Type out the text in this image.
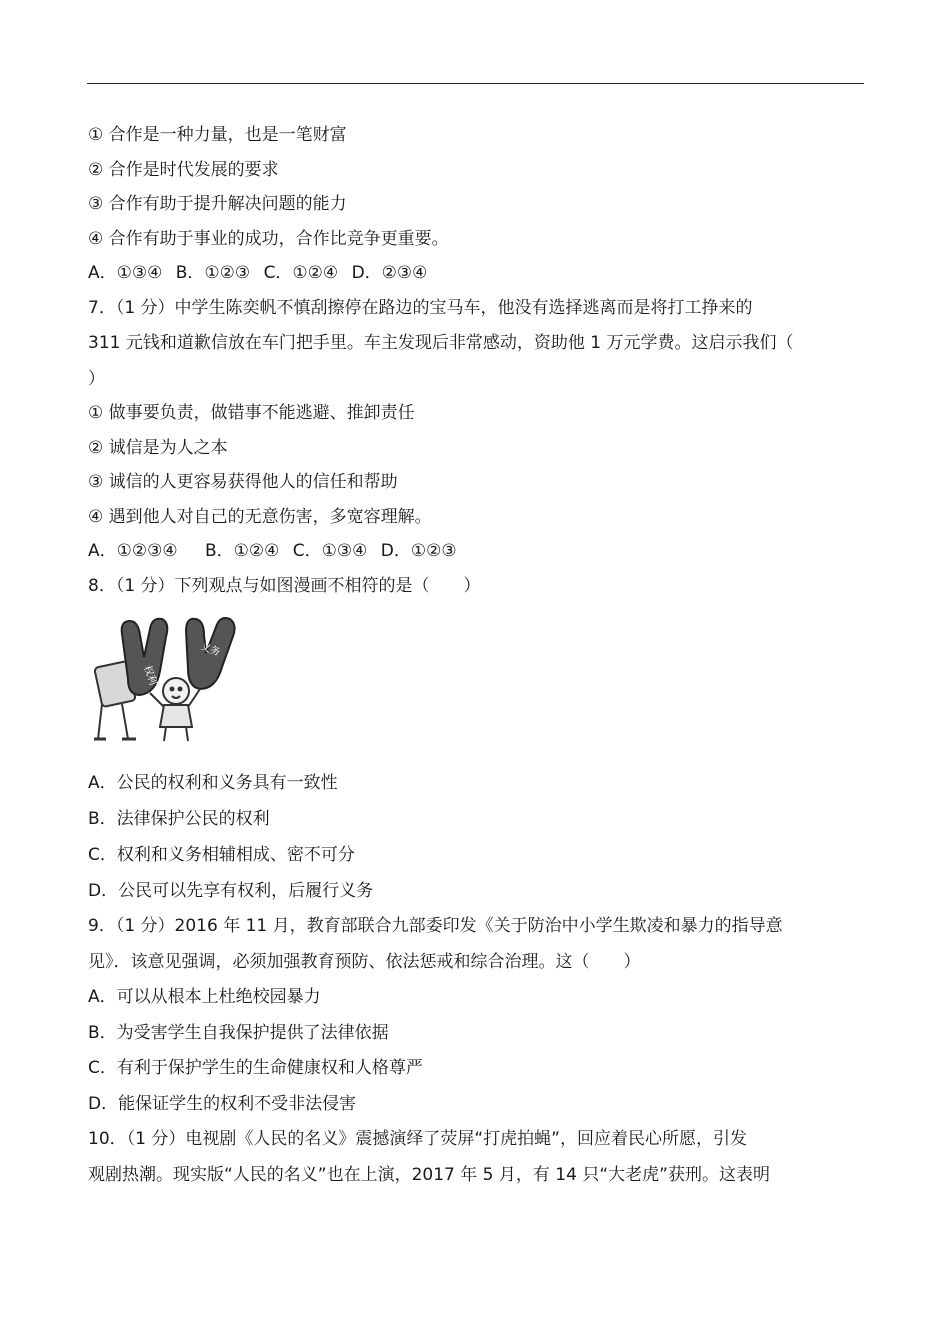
① 合作是一种力量，也是一笔财富
② 合作是时代发展的要求
③ 合作有助于提升解决问题的能力
④ 合作有助于事业的成功，合作比竞争更重要。
A．①③④ B．①②③ C．①②④ D．②③④
7．（1 分）中学生陈奕帆不慎刮擦停在路边的宝马车，他没有选择逃离而是将打工挣来的
311 元钱和道歉信放在车门把手里。车主发现后非常感动，资助他 1 万元学费。这启示我们（
）
① 做事要负责，做错事不能逃避、推卸责任
② 诚信是为人之本
③ 诚信的人更容易获得他人的信任和帮助
④ 遇到他人对自己的无意伤害，多宽容理解。
A．①②③④ B．①②④ C．①③④ D．①②③
8．（1 分）下列观点与如图漫画不相符的是（　　）
权利
义务
A．公民的权利和义务具有一致性
B．法律保护公民的权利
C．权利和义务相辅相成、密不可分
D．公民可以先享有权利，后履行义务
9．（1 分）2016 年 11 月，教育部联合九部委印发《关于防治中小学生欺凌和暴力的指导意
见》．该意见强调，必须加强教育预防、依法惩戒和综合治理。这（　　）
A．可以从根本上杜绝校园暴力
B．为受害学生自我保护提供了法律依据
C．有利于保护学生的生命健康权和人格尊严
D．能保证学生的权利不受非法侵害
10．（1 分）电视剧《人民的名义》震撼演绎了荧屏“打虎拍蝇”，回应着民心所愿，引发
观剧热潮。现实版“人民的名义”也在上演，2017 年 5 月，有 14 只“大老虎”获刑。这表明
